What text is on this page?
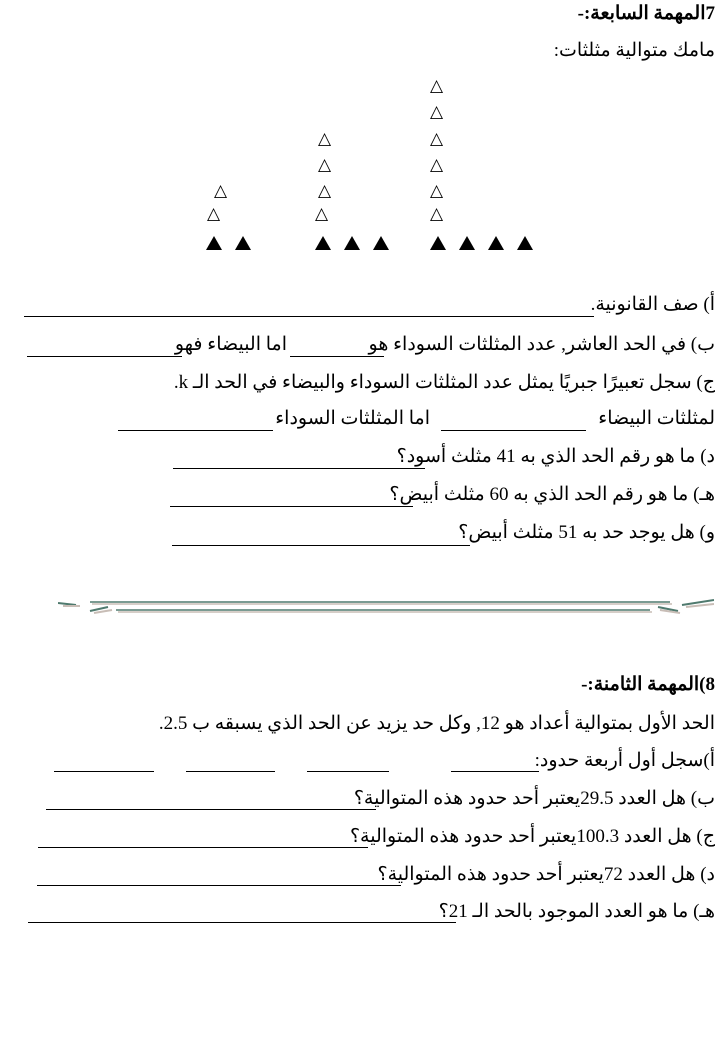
7المهمة السابعة:-
مامك متوالية مثلثات:
△
△
△
△
△
△
△
△
△
△
△
△
أ) صف القانونية.
ب) في الحد العاشر, عدد المثلثات السوداء هو
اما البيضاء فهو
ج) سجل تعبيرًا جبريًا يمثل عدد المثلثات السوداء والبيضاء في الحد الـ k.
لمثلثات البيضاء
اما المثلثات السوداء
د) ما هو رقم الحد الذي به 41 مثلث أسود؟
هـ) ما هو رقم الحد الذي به 60 مثلث أبيض؟
و) هل يوجد حد به 51 مثلث أبيض؟
8)المهمة الثامنة:-
الحد الأول بمتوالية أعداد هو 12, وكل حد يزيد عن الحد الذي يسبقه ب 2.5.
أ)سجل أول أربعة حدود:
ب) هل العدد 29.5يعتبر أحد حدود هذه المتوالية؟
ج) هل العدد 100.3يعتبر أحد حدود هذه المتوالية؟
د) هل العدد 72يعتبر أحد حدود هذه المتوالية؟
هـ) ما هو العدد الموجود بالحد الـ 21؟
